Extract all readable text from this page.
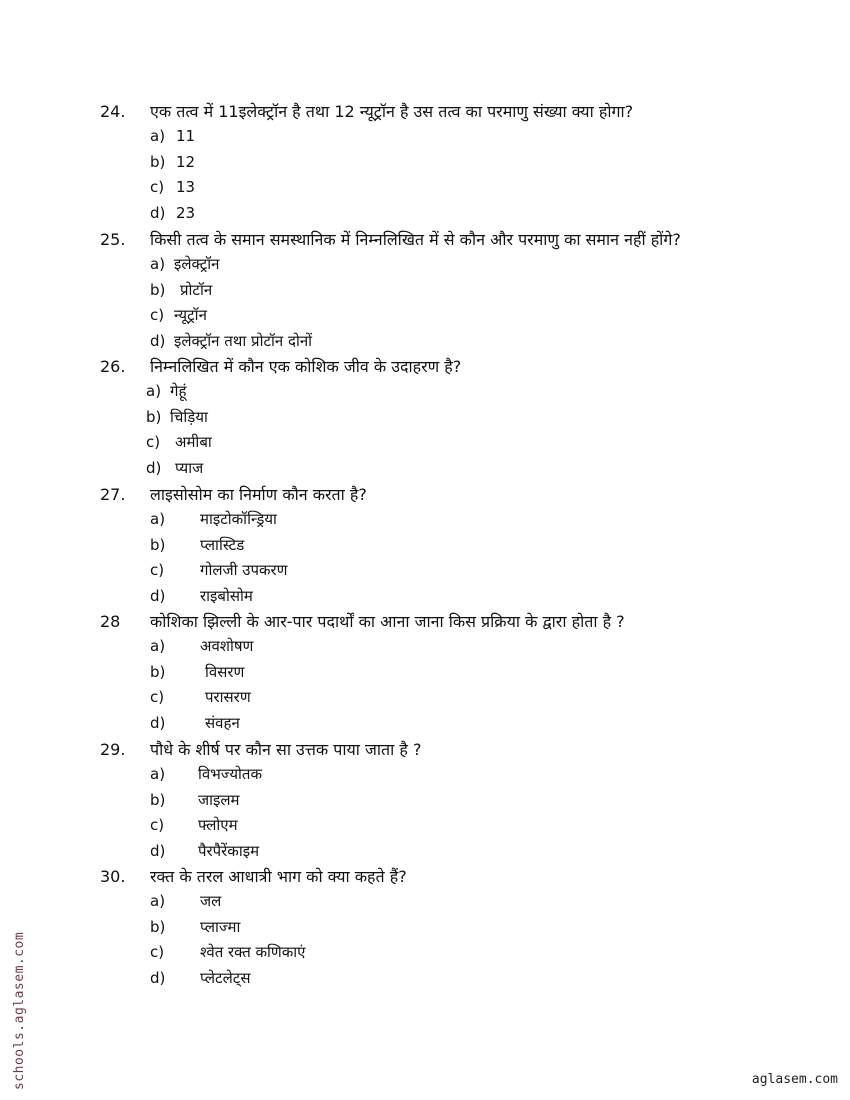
24. एक तत्व में 11इलेक्ट्रॉन है तथा 12 न्यूट्रॉन है उस तत्व का परमाणु संख्या क्या होगा?
a) 11
b) 12
c) 13
d) 23
25. किसी तत्व के समान समस्थानिक में निम्नलिखित में से कौन और परमाणु का समान नहीं होंगे?
a) इलेक्ट्रॉन
b) प्रोटॉन
c) न्यूट्रॉन
d) इलेक्ट्रॉन तथा प्रोटॉन दोनों
26. निम्नलिखित में कौन एक कोशिक जीव के उदाहरण है?
a) गेहूं
b) चिड़िया
c) अमीबा
d) प्याज
27. लाइसोसोम का निर्माण कौन करता है?
a) माइटोकॉन्ड्रिया
b) प्लास्टिड
c) गोलजी उपकरण
d) राइबोसोम
28 कोशिका झिल्ली के आर-पार पदार्थों का आना जाना किस प्रक्रिया के द्वारा होता है ?
a) अवशोषण
b)	विसरण
c)	परासरण
d)	संवहन
29. पौधे के शीर्ष पर कौन सा उत्तक पाया जाता है ?
a) विभज्योतक
b) जाइलम
c) फ्लोएम
d) पैरपैरेंकाइम
30. रक्त के तरल आधात्री भाग को क्या कहते हैं?
a) जल
b) प्लाज्मा
c) श्वेत रक्त कणिकाएं
d) प्लेटलेट्स
schools.aglasem.com	aglasem.com
